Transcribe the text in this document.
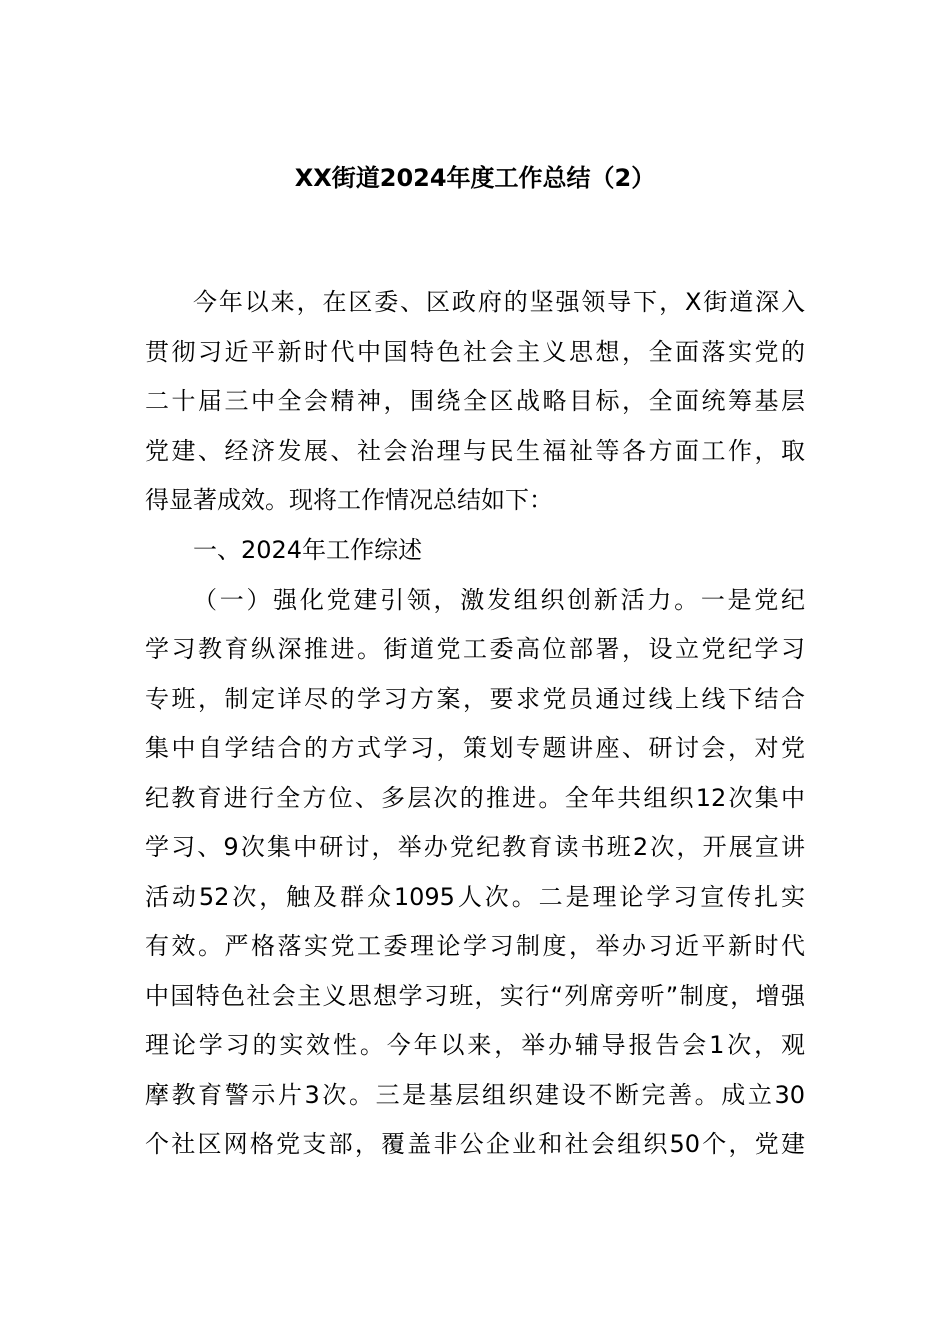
XX街道2024年度工作总结（2）

今年以来，在区委、区政府的坚强领导下，X街道深入

贯彻习近平新时代中国特色社会主义思想，全面落实党的

二十届三中全会精神，围绕全区战略目标，全面统筹基层

党建、经济发展、社会治理与民生福祉等各方面工作，取

得显著成效。现将工作情况总结如下：

一、2024年工作综述

（一）强化党建引领，激发组织创新活力。一是党纪

学习教育纵深推进。街道党工委高位部署，设立党纪学习

专班，制定详尽的学习方案，要求党员通过线上线下结合

集中自学结合的方式学习，策划专题讲座、研讨会，对党

纪教育进行全方位、多层次的推进。全年共组织12次集中

学习、9次集中研讨，举办党纪教育读书班2次，开展宣讲

活动52次，触及群众1095人次。二是理论学习宣传扎实

有效。严格落实党工委理论学习制度，举办习近平新时代

中国特色社会主义思想学习班，实行“列席旁听”制度，增强

理论学习的实效性。今年以来，举办辅导报告会1次，观

摩教育警示片3次。三是基层组织建设不断完善。成立30

个社区网格党支部，覆盖非公企业和社会组织50个，党建
